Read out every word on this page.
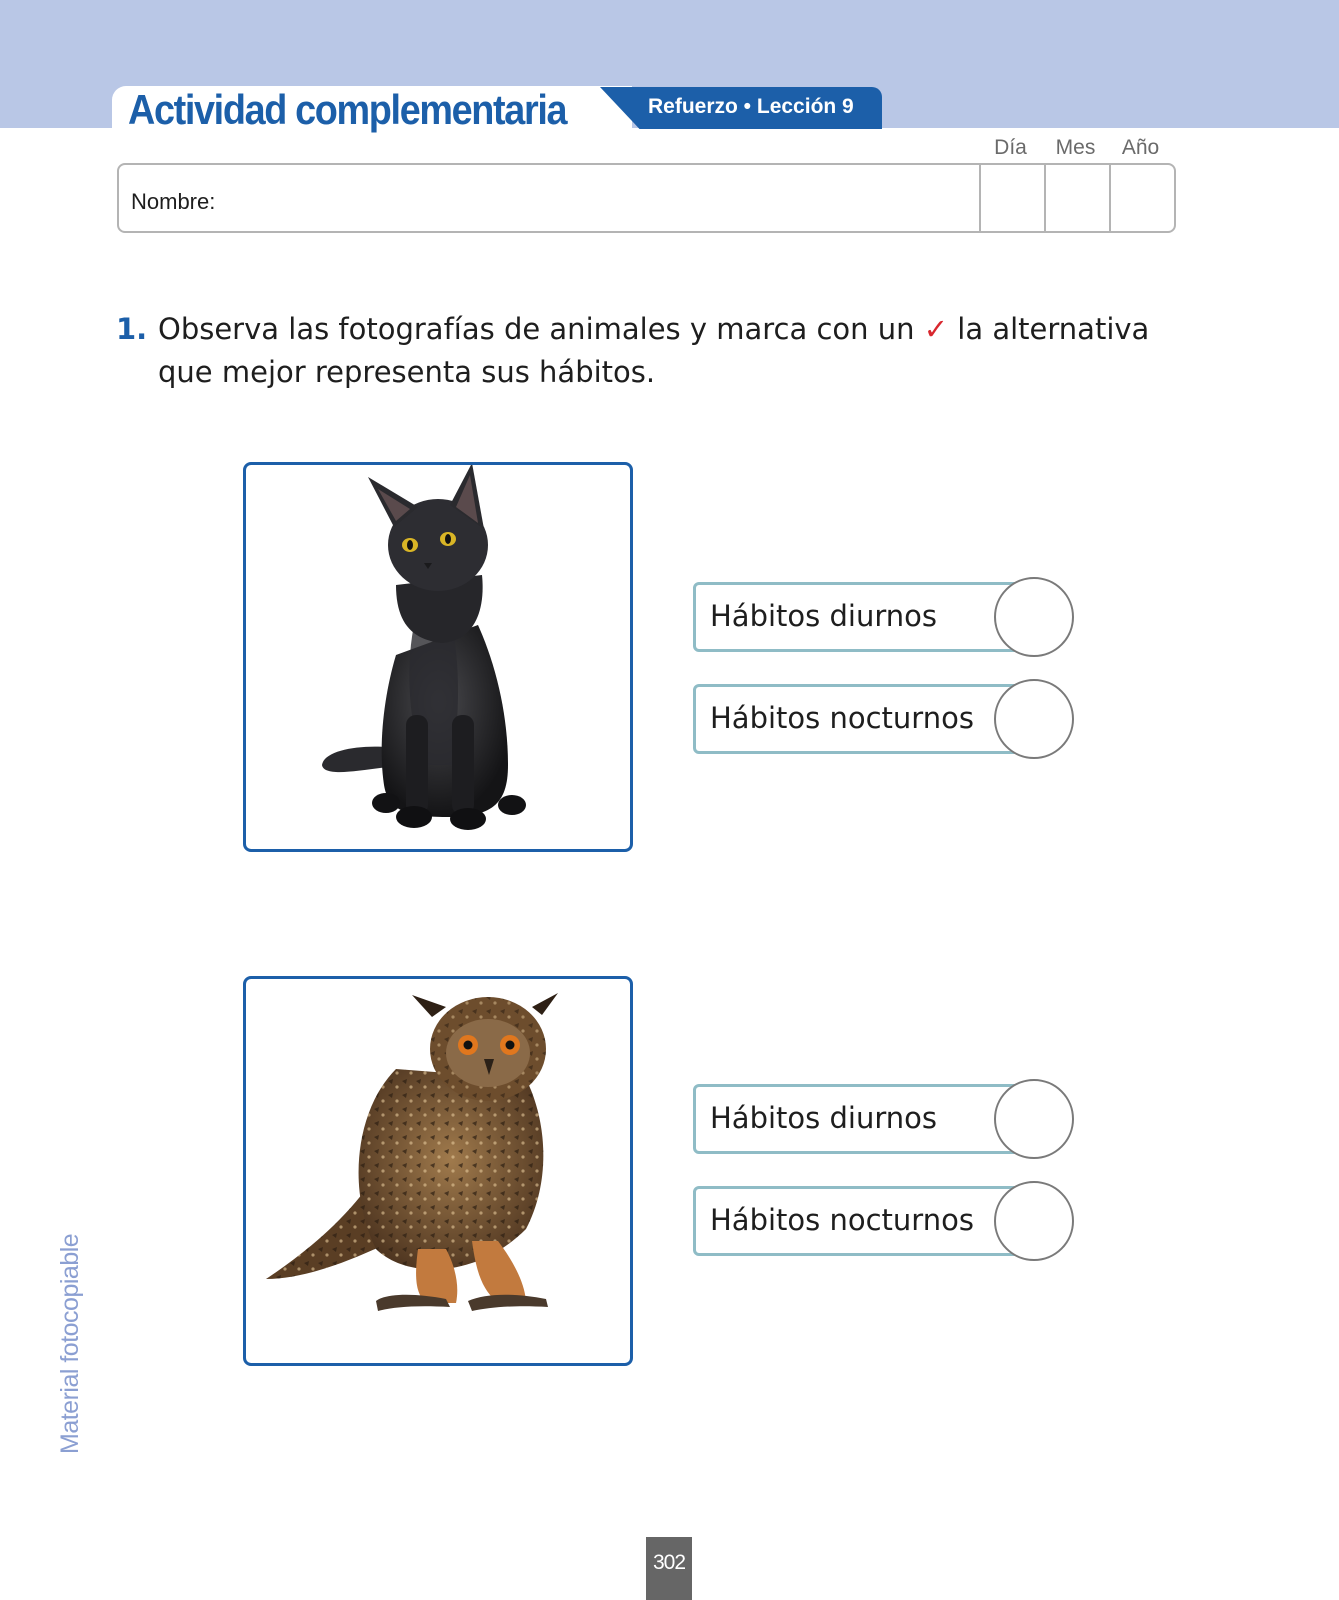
Actividad complementaria	Refuerzo • Lección 9
Día	Mes	Año
Nombre:
1. Observa las fotografías de animales y marca con un ✓ la alternativa que mejor representa sus hábitos.
Hábitos diurnos
Hábitos nocturnos
Hábitos diurnos
Hábitos nocturnos
Material fotocopiable
302
